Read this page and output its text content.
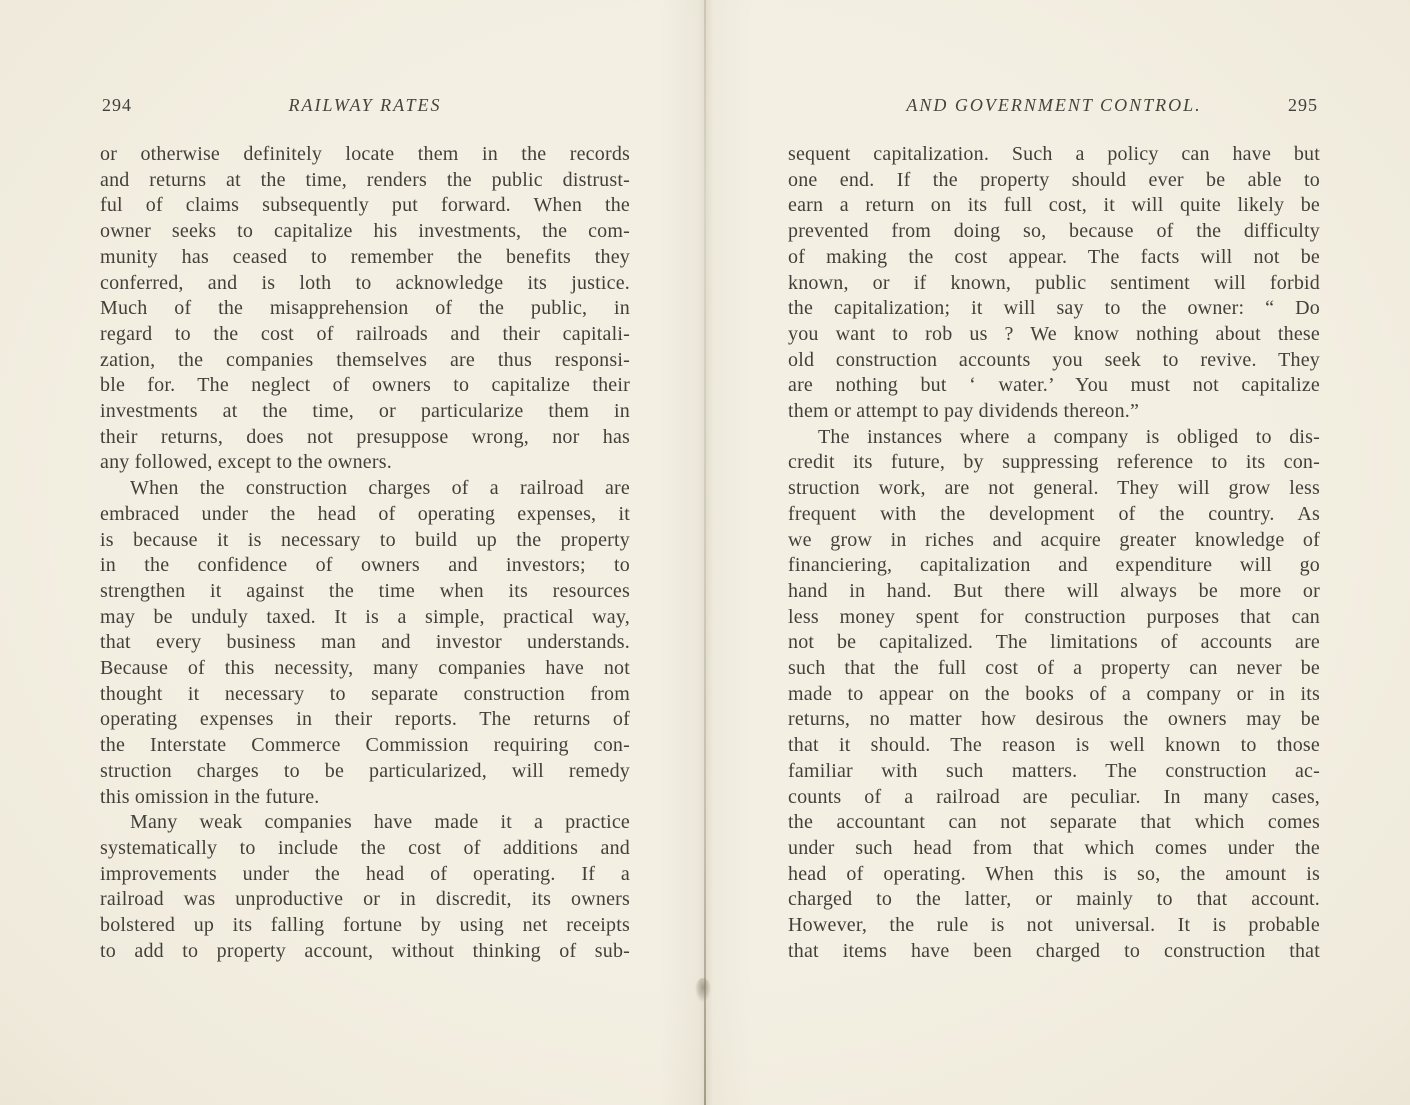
294	RAILWAY RATES
or otherwise definitely locate them in the records
and returns at the time, renders the public distrust-
ful of claims subsequently put forward. When the
owner seeks to capitalize his investments, the com-
munity has ceased to remember the benefits they
conferred, and is loth to acknowledge its justice.
Much of the misapprehension of the public, in
regard to the cost of railroads and their capitali-
zation, the companies themselves are thus responsi-
ble for. The neglect of owners to capitalize their
investments at the time, or particularize them in
their returns, does not presuppose wrong, nor has
any followed, except to the owners.
When the construction charges of a railroad are
embraced under the head of operating expenses, it
is because it is necessary to build up the property
in the confidence of owners and investors; to
strengthen it against the time when its resources
may be unduly taxed. It is a simple, practical way,
that every business man and investor understands.
Because of this necessity, many companies have not
thought it necessary to separate construction from
operating expenses in their reports. The returns of
the Interstate Commerce Commission requiring con-
struction charges to be particularized, will remedy
this omission in the future.
Many weak companies have made it a practice
systematically to include the cost of additions and
improvements under the head of operating. If a
railroad was unproductive or in discredit, its owners
bolstered up its falling fortune by using net receipts
to add to property account, without thinking of sub-
AND GOVERNMENT CONTROL.	295
sequent capitalization. Such a policy can have but
one end. If the property should ever be able to
earn a return on its full cost, it will quite likely be
prevented from doing so, because of the difficulty
of making the cost appear. The facts will not be
known, or if known, public sentiment will forbid
the capitalization; it will say to the owner: “ Do
you want to rob us ? We know nothing about these
old construction accounts you seek to revive. They
are nothing but ‘ water.’ You must not capitalize
them or attempt to pay dividends thereon.”
The instances where a company is obliged to dis-
credit its future, by suppressing reference to its con-
struction work, are not general. They will grow less
frequent with the development of the country. As
we grow in riches and acquire greater knowledge of
financiering, capitalization and expenditure will go
hand in hand. But there will always be more or
less money spent for construction purposes that can
not be capitalized. The limitations of accounts are
such that the full cost of a property can never be
made to appear on the books of a company or in its
returns, no matter how desirous the owners may be
that it should. The reason is well known to those
familiar with such matters. The construction ac-
counts of a railroad are peculiar. In many cases,
the accountant can not separate that which comes
under such head from that which comes under the
head of operating. When this is so, the amount is
charged to the latter, or mainly to that account.
However, the rule is not universal. It is probable
that items have been charged to construction that
